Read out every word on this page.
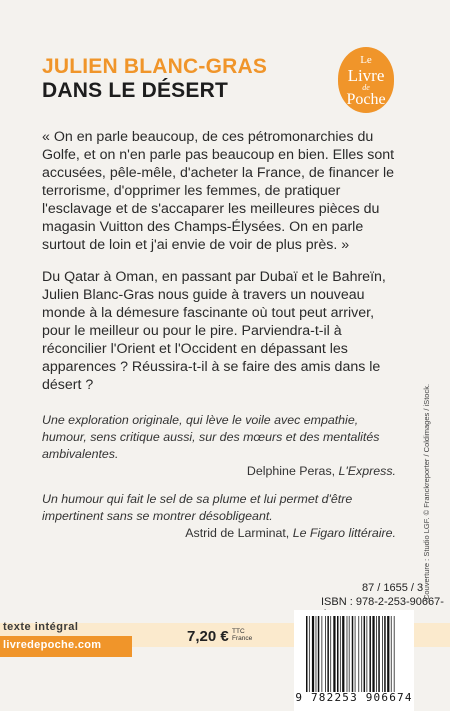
JULIEN BLANC-GRAS
DANS LE DÉSERT
Le
Livre
de
Poche

« On en parle beaucoup, de ces pétromonarchies du Golfe, et on n'en parle pas beaucoup en bien. Elles sont accusées, pêle-mêle, d'acheter la France, de financer le terrorisme, d'opprimer les femmes, de pratiquer l'esclavage et de s'accaparer les meilleures pièces du magasin Vuitton des Champs-Élysées. On en parle surtout de loin et j'ai envie de voir de plus près. »

Du Qatar à Oman, en passant par Dubaï et le Bahreïn, Julien Blanc-Gras nous guide à travers un nouveau monde à la démesure fascinante où tout peut arriver, pour le meilleur ou pour le pire. Parviendra-t-il à réconcilier l'Orient et l'Occident en dépassant les apparences ? Réussira-t-il à se faire des amis dans le désert ?

Une exploration originale, qui lève le voile avec empathie, humour, sens critique aussi, sur des mœurs et des mentalités ambivalentes.
Delphine Peras, L'Express.
Un humour qui fait le sel de sa plume et lui permet d'être impertinent sans se montrer désobligeant.
Astrid de Larminat, Le Figaro littéraire.	Couverture : Studio LGF. © Franckreporter / Coldimages / iStock.
texte intégral
livredepoche.com	7,20 € TTC
France
87 / 1655 / 3
ISBN : 978-2-253-90667-
9 782253 906674
